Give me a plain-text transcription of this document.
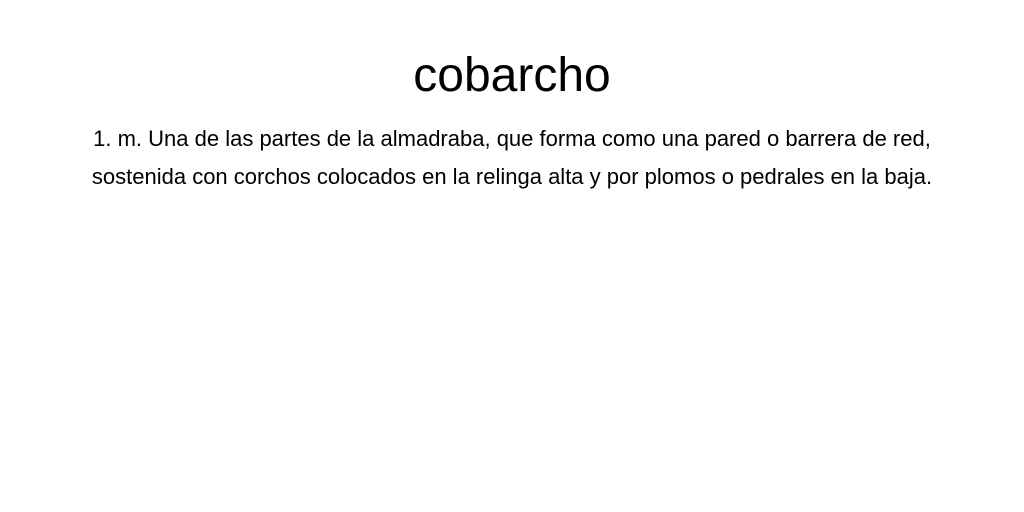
cobarcho

1. m. Una de las partes de la almadraba, que forma como una pared o barrera de red, sostenida con corchos colocados en la relinga alta y por plomos o pedrales en la baja.
